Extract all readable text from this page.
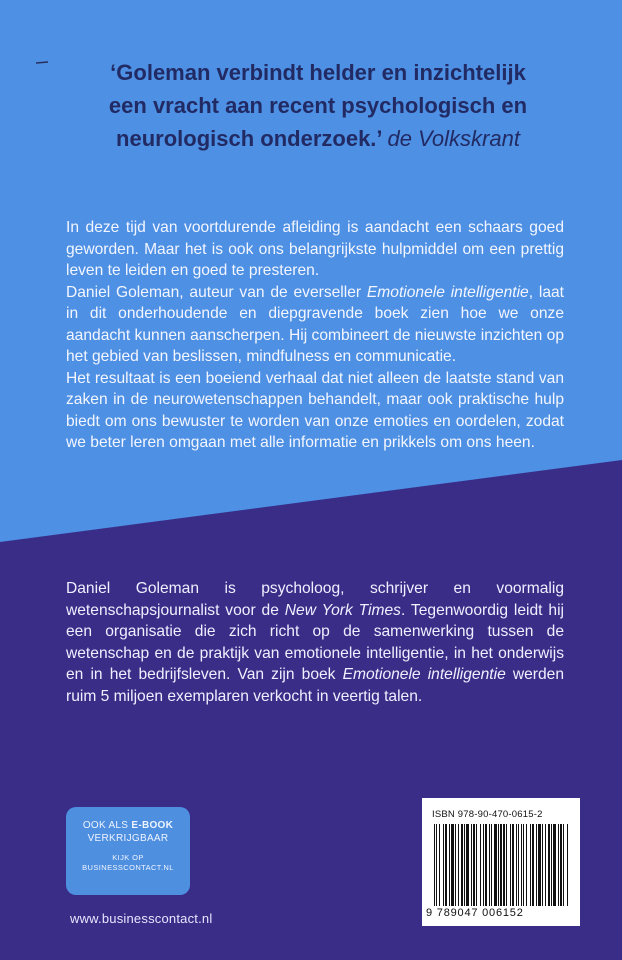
‘Goleman verbindt helder en inzichtelijk
een vracht aan recent psychologisch en
neurologisch onderzoek.’ de Volkskrant

In deze tijd van voortdurende afleiding is aandacht een schaars goed geworden. Maar het is ook ons belangrijkste hulpmiddel om een prettig leven te leiden en goed te presteren.

Daniel Goleman, auteur van de everseller Emotionele intelligentie, laat in dit onderhoudende en diepgravende boek zien hoe we onze aandacht kunnen aanscherpen. Hij combineert de nieuwste inzichten op het gebied van beslissen, mindfulness en communicatie.

Het resultaat is een boeiend verhaal dat niet alleen de laatste stand van zaken in de neurowetenschappen behandelt, maar ook praktische hulp biedt om ons bewuster te worden van onze emoties en oordelen, zodat we beter leren omgaan met alle informatie en prikkels om ons heen.

Daniel Goleman is psycholoog, schrijver en voormalig wetenschapsjournalist voor de New York Times. Tegenwoordig leidt hij een organisatie die zich richt op de samenwerking tussen de wetenschap en de praktijk van emotionele intelligentie, in het onderwijs en in het bedrijfsleven. Van zijn boek Emotionele intelligentie werden ruim 5 miljoen exemplaren verkocht in veertig talen.

OOK ALS E-BOOK
VERKRIJGBAAR
KIJK OP
BUSINESSCONTACT.NL
www.businesscontact.nl
ISBN 978-90-470-0615-2
9 789047 006152
